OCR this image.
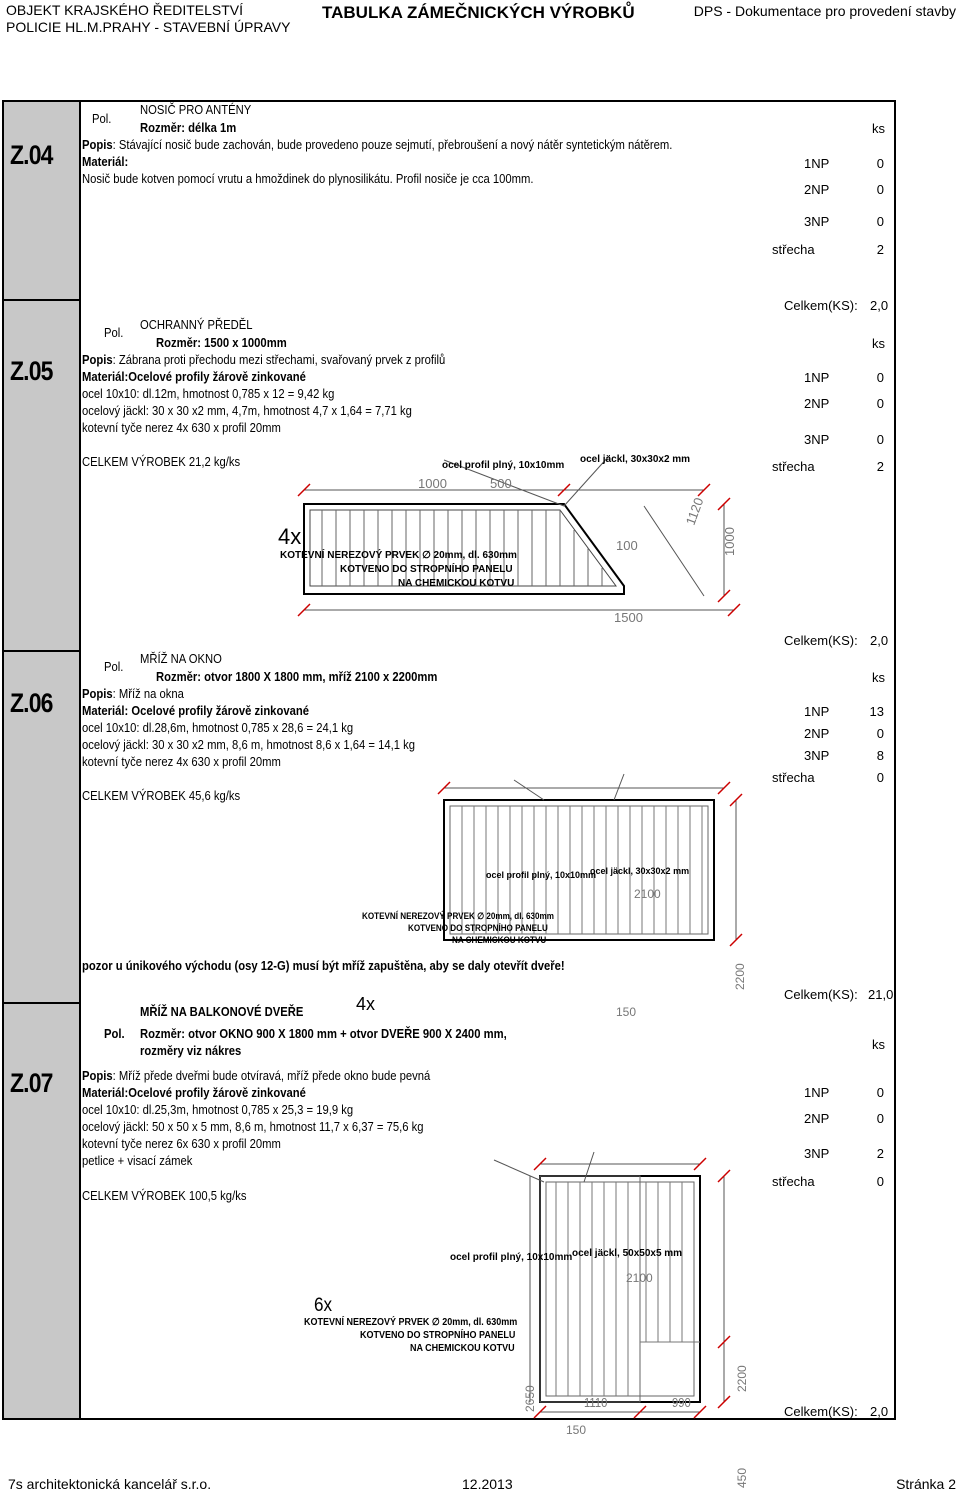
OBJEKT KRAJSKÉHO ŘEDITELSTVÍ
POLICIE HL.M.PRAHY - STAVEBNÍ ÚPRAVY
TABULKA ZÁMEČNICKÝCH VÝROBKŮ	DPS - Dokumentace pro provedení stavby
Z.04
Pol.
NOSIČ PRO ANTÉNY
Rozměr: délka 1m
Popis: Stávající nosič bude zachován, bude provedeno pouze sejmutí, přebroušení a nový nátěr syntetickým nátěrem.
Materiál:
Nosič bude kotven pomocí vrutu a hmoždinek do plynosilikátu. Profil nosiče je cca 100mm.
ks
1NP	0
2NP	0
3NP	0
střecha	2
Celkem(KS): 2,0
Z.05
Pol.
OCHRANNÝ PŘEDĚL
Rozměr: 1500 x 1000mm
Popis: Zábrana proti přechodu mezi střechami, svařovaný prvek z profilů
Materiál:Ocelové profily žárově zinkované
ocel 10x10: dl.12m, hmotnost 0,785 x 12 = 9,42 kg
ocelový jäckl: 30 x 30 x2 mm, 4,7m, hmotnost 4,7 x 1,64 = 7,71 kg
kotevní tyče nerez 4x 630 x profil 20mm
CELKEM VÝROBEK 21,2 kg/ks
ks
1NP	0
2NP	0
3NP	0
střecha	2
Celkem(KS): 2,0
ocel profil plný, 10x10mm
ocel jäckl, 30x30x2 mm
1000	500
100
1120
1000
1500
4x
KOTEVNÍ NEREZOVÝ PRVEK ∅ 20mm, dl. 630mm
KOTVENO DO STROPNÍHO PANELU
NA CHEMICKOU KOTVU
Z.06
Pol.
MŘÍŽ NA OKNO
Rozměr: otvor 1800 X 1800 mm, mříž 2100 x 2200mm
Popis: Mříž na okna
Materiál: Ocelové profily žárově zinkované
ocel 10x10: dl.28,6m, hmotnost 0,785 x 28,6 = 24,1 kg
ocelový jäckl: 30 x 30 x2 mm, 8,6 m, hmotnost 8,6 x 1,64 = 14,1 kg
kotevní tyče nerez 4x 630 x profil 20mm
CELKEM VÝROBEK 45,6 kg/ks
pozor u únikového východu (osy 12-G) musí být mříž zapuštěna, aby se daly otevřít dveře!
ks
1NP	13
2NP	0
3NP	8
střecha	0
Celkem(KS): 21,0
ocel profil plný, 10x10mm
ocel jäckl, 30x30x2 mm
2100
2200
150
4x
KOTEVNÍ NEREZOVÝ PRVEK ∅ 20mm, dl. 630mm
KOTVENO DO STROPNÍHO PANELU
NA CHEMICKOU KOTVU
Z.07
MŘÍŽ NA BALKONOVÉ DVEŘE
Pol. Rozměr: otvor OKNO 900 X 1800 mm + otvor DVEŘE 900 X 2400 mm,
rozměry viz nákres
Popis: Mříž přede dveřmi bude otvíravá, mříž přede okno bude pevná
Materiál:Ocelové profily žárově zinkované
ocel 10x10: dl.25,3m, hmotnost 0,785 x 25,3 = 19,9 kg
ocelový jäckl: 50 x 50 x 5 mm, 8,6 m, hmotnost 11,7 x 6,37 = 75,6 kg
kotevní tyče nerez 6x 630 x profil 20mm
petlice + visací zámek
CELKEM VÝROBEK 100,5 kg/ks
ks
1NP	0
2NP	0
3NP	2
střecha	0
Celkem(KS): 2,0
ocel profil plný, 10x10mm ocel jäckl, 50x50x5 mm
2100
2650
2200
150
450
1110	990
6x
KOTEVNÍ NEREZOVÝ PRVEK ∅ 20mm, dl. 630mm
KOTVENO DO STROPNÍHO PANELU
NA CHEMICKOU KOTVU
7s architektonická kancelář s.r.o.	12.2013	Stránka 2
